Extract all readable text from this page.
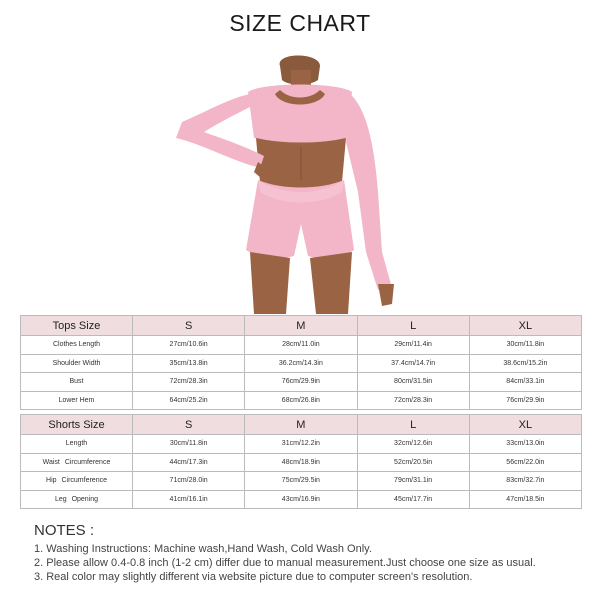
SIZE CHART
Tops Size	S	M	L	XL
Clothes Length	27cm/10.6in	28cm/11.0in	29cm/11.4in	30cm/11.8in
Shoulder Width	35cm/13.8in	36.2cm/14.3in	37.4cm/14.7in	38.6cm/15.2in
Bust	72cm/28.3in	76cm/29.9in	80cm/31.5in	84cm/33.1in
Lower Hem	64cm/25.2in	68cm/26.8in	72cm/28.3in	76cm/29.9in
Shorts Size	S	M	L	XL
Length	30cm/11.8in	31cm/12.2in	32cm/12.6in	33cm/13.0in
Waist Circumference	44cm/17.3in	48cm/18.9in	52cm/20.5in	56cm/22.0in
Hip Circumference	71cm/28.0in	75cm/29.5in	79cm/31.1in	83cm/32.7in
Leg Opening	41cm/16.1in	43cm/16.9in	45cm/17.7in	47cm/18.5in
NOTES :
1. Washing Instructions: Machine wash,Hand Wash, Cold Wash Only.
2. Please allow 0.4-0.8 inch (1-2 cm) differ due to manual measurement.Just choose one size as usual.
3. Real color may slightly different via website picture due to computer screen's resolution.
